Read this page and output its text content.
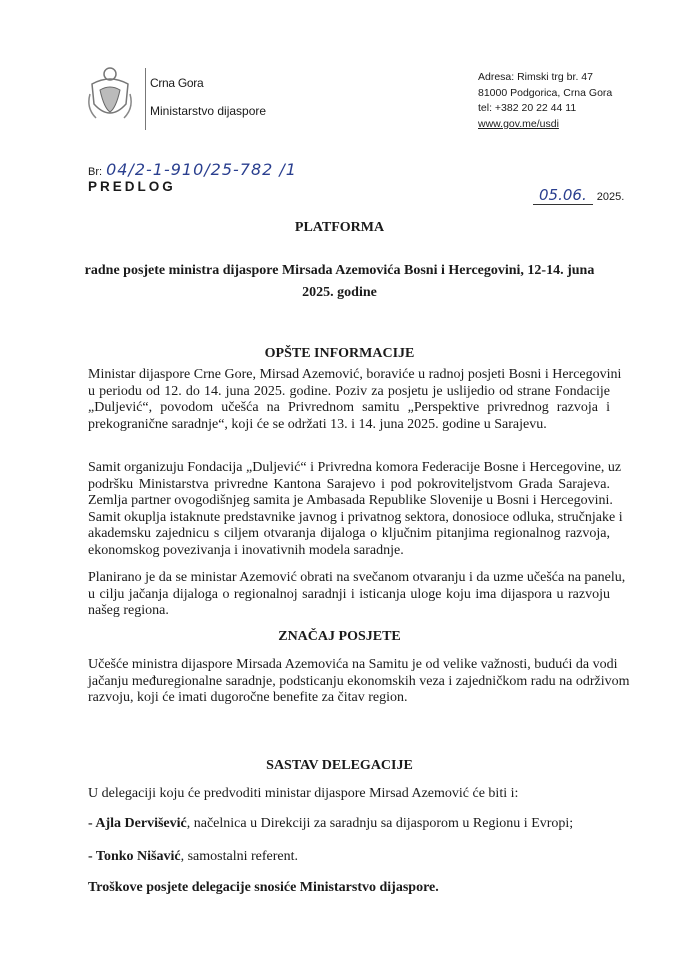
Crna Gora
Ministarstvo dijaspore
Adresa: Rimski trg br. 47
81000 Podgorica, Crna Gora
tel: +382 20 22 44 11
www.gov.me/usdi
Br: 04/2-1-910/25-782 /1
PREDLOG	05.06. 2025.
PLATFORMA
radne posjete ministra dijaspore Mirsada Azemovića Bosni i Hercegovini, 12-14. juna
2025. godine
OPŠTE INFORMACIJE
Ministar dijaspore Crne Gore, Mirsad Azemović, boraviće u radnoj posjeti Bosni i Hercegovini
u periodu od 12. do 14. juna 2025. godine. Poziv za posjetu je uslijedio od strane Fondacije
„Duljević“, povodom učešća na Privrednom samitu „Perspektive privrednog razvoja i
prekogranične saradnje“, koji će se održati 13. i 14. juna 2025. godine u Sarajevu.
Samit organizuju Fondacija „Duljević“ i Privredna komora Federacije Bosne i Hercegovine, uz
podršku Ministarstva privredne Kantona Sarajevo i pod pokroviteljstvom Grada Sarajeva.
Zemlja partner ovogodišnjeg samita je Ambasada Republike Slovenije u Bosni i Hercegovini.
Samit okuplja istaknute predstavnike javnog i privatnog sektora, donosioce odluka, stručnjake i
akademsku zajednicu s ciljem otvaranja dijaloga o ključnim pitanjima regionalnog razvoja,
ekonomskog povezivanja i inovativnih modela saradnje.
Planirano je da se ministar Azemović obrati na svečanom otvaranju i da uzme učešća na panelu,
u cilju jačanja dijaloga o regionalnoj saradnji i isticanja uloge koju ima dijaspora u razvoju
našeg regiona.
ZNAČAJ POSJETE
Učešće ministra dijaspore Mirsada Azemovića na Samitu je od velike važnosti, budući da vodi
jačanju međuregionalne saradnje, podsticanju ekonomskih veza i zajedničkom radu na održivom
razvoju, koji će imati dugoročne benefite za čitav region.
SASTAV DELEGACIJE
U delegaciji koju će predvoditi ministar dijaspore Mirsad Azemović će biti i:
- Ajla Dervišević, načelnica u Direkciji za saradnju sa dijasporom u Regionu i Evropi;
- Tonko Nišavić, samostalni referent.
Troškove posjete delegacije snosiće Ministarstvo dijaspore.
